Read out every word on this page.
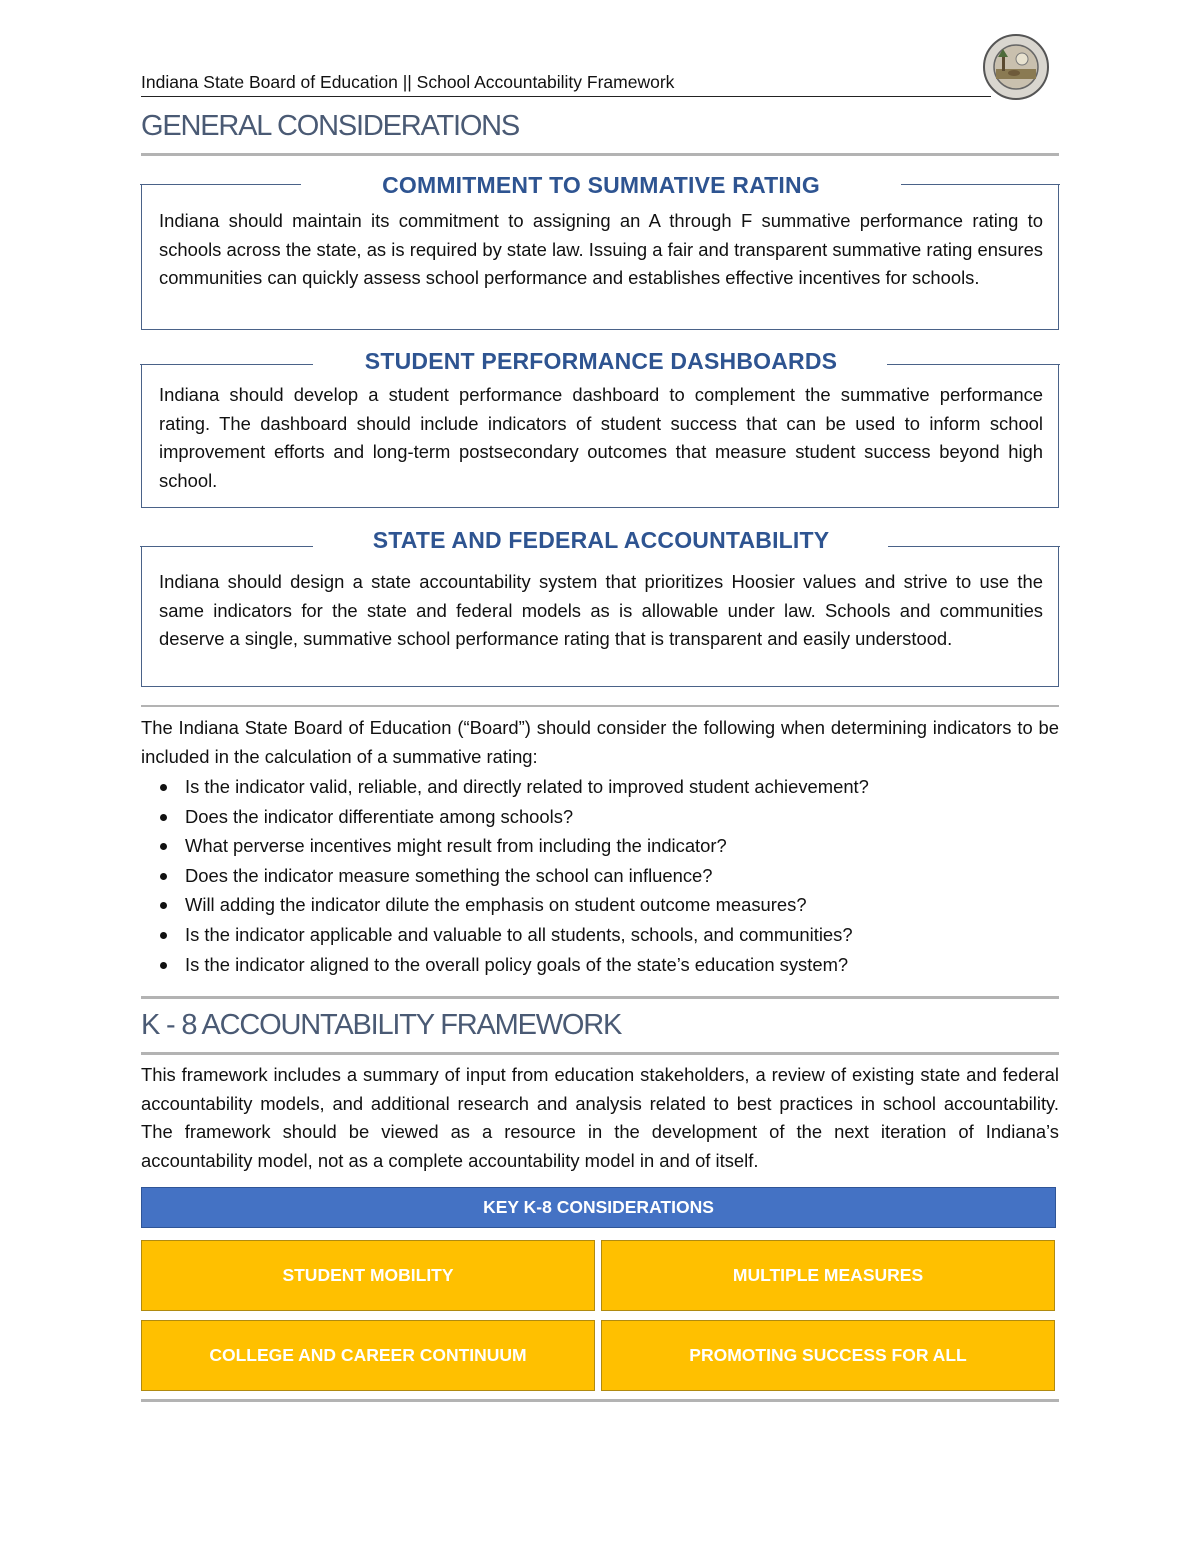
Indiana State Board of Education || School Accountability Framework
GENERAL CONSIDERATIONS
COMMITMENT TO SUMMATIVE RATING
Indiana should maintain its commitment to assigning an A through F summative performance rating to schools across the state, as is required by state law. Issuing a fair and transparent summative rating ensures communities can quickly assess school performance and establishes effective incentives for schools.
STUDENT PERFORMANCE DASHBOARDS
Indiana should develop a student performance dashboard to complement the summative performance rating. The dashboard should include indicators of student success that can be used to inform school improvement efforts and long-term postsecondary outcomes that measure student success beyond high school.
STATE AND FEDERAL ACCOUNTABILITY
Indiana should design a state accountability system that prioritizes Hoosier values and strive to use the same indicators for the state and federal models as is allowable under law. Schools and communities deserve a single, summative school performance rating that is transparent and easily understood.
The Indiana State Board of Education (“Board”) should consider the following when determining indicators to be included in the calculation of a summative rating:
Is the indicator valid, reliable, and directly related to improved student achievement?
Does the indicator differentiate among schools?
What perverse incentives might result from including the indicator?
Does the indicator measure something the school can influence?
Will adding the indicator dilute the emphasis on student outcome measures?
Is the indicator applicable and valuable to all students, schools, and communities?
Is the indicator aligned to the overall policy goals of the state’s education system?
K - 8 ACCOUNTABILITY FRAMEWORK
This framework includes a summary of input from education stakeholders, a review of existing state and federal accountability models, and additional research and analysis related to best practices in school accountability. The framework should be viewed as a resource in the development of the next iteration of Indiana’s accountability model, not as a complete accountability model in and of itself.
KEY K-8 CONSIDERATIONS
STUDENT MOBILITY	MULTIPLE MEASURES
COLLEGE AND CAREER CONTINUUM	PROMOTING SUCCESS FOR ALL
